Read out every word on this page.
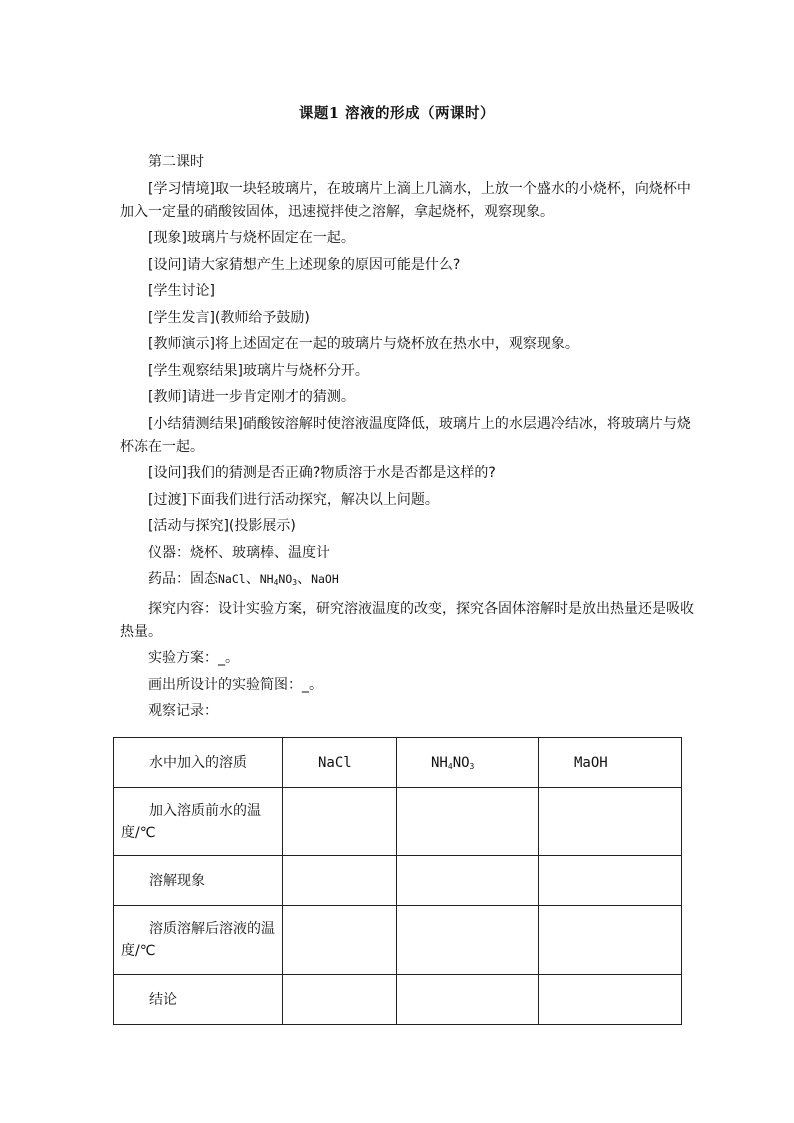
课题1 溶液的形成（两课时）

第二课时

[学习情境]取一块轻玻璃片，在玻璃片上滴上几滴水，上放一个盛水的小烧杯，向烧杯中加入一定量的硝酸铵固体，迅速搅拌使之溶解，拿起烧杯，观察现象。

[现象]玻璃片与烧杯固定在一起。

[设问]请大家猜想产生上述现象的原因可能是什么?

[学生讨论]

[学生发言](教师给予鼓励)

[教师演示]将上述固定在一起的玻璃片与烧杯放在热水中，观察现象。

[学生观察结果]玻璃片与烧杯分开。

[教师]请进一步肯定刚才的猜测。

[小结猜测结果]硝酸铵溶解时使溶液温度降低，玻璃片上的水层遇冷结冰，将玻璃片与烧杯冻在一起。

[设问]我们的猜测是否正确?物质溶于水是否都是这样的?

[过渡]下面我们进行活动探究，解决以上问题。

[活动与探究](投影展示)

仪器：烧杯、玻璃棒、温度计

药品：固态NaCl、$NH_4NO_3$、NaOH

探究内容：设计实验方案，研究溶液温度的改变，探究各固体溶解时是放出热量还是吸收热量。

实验方案：_。

画出所设计的实验简图：_。

观察记录：

水中加入的溶质	NaCl	$NH_4NO_3$	MaOH
加入溶质前水的温度/℃			
溶解现象			
溶质溶解后溶液的温度/℃			
结论			
